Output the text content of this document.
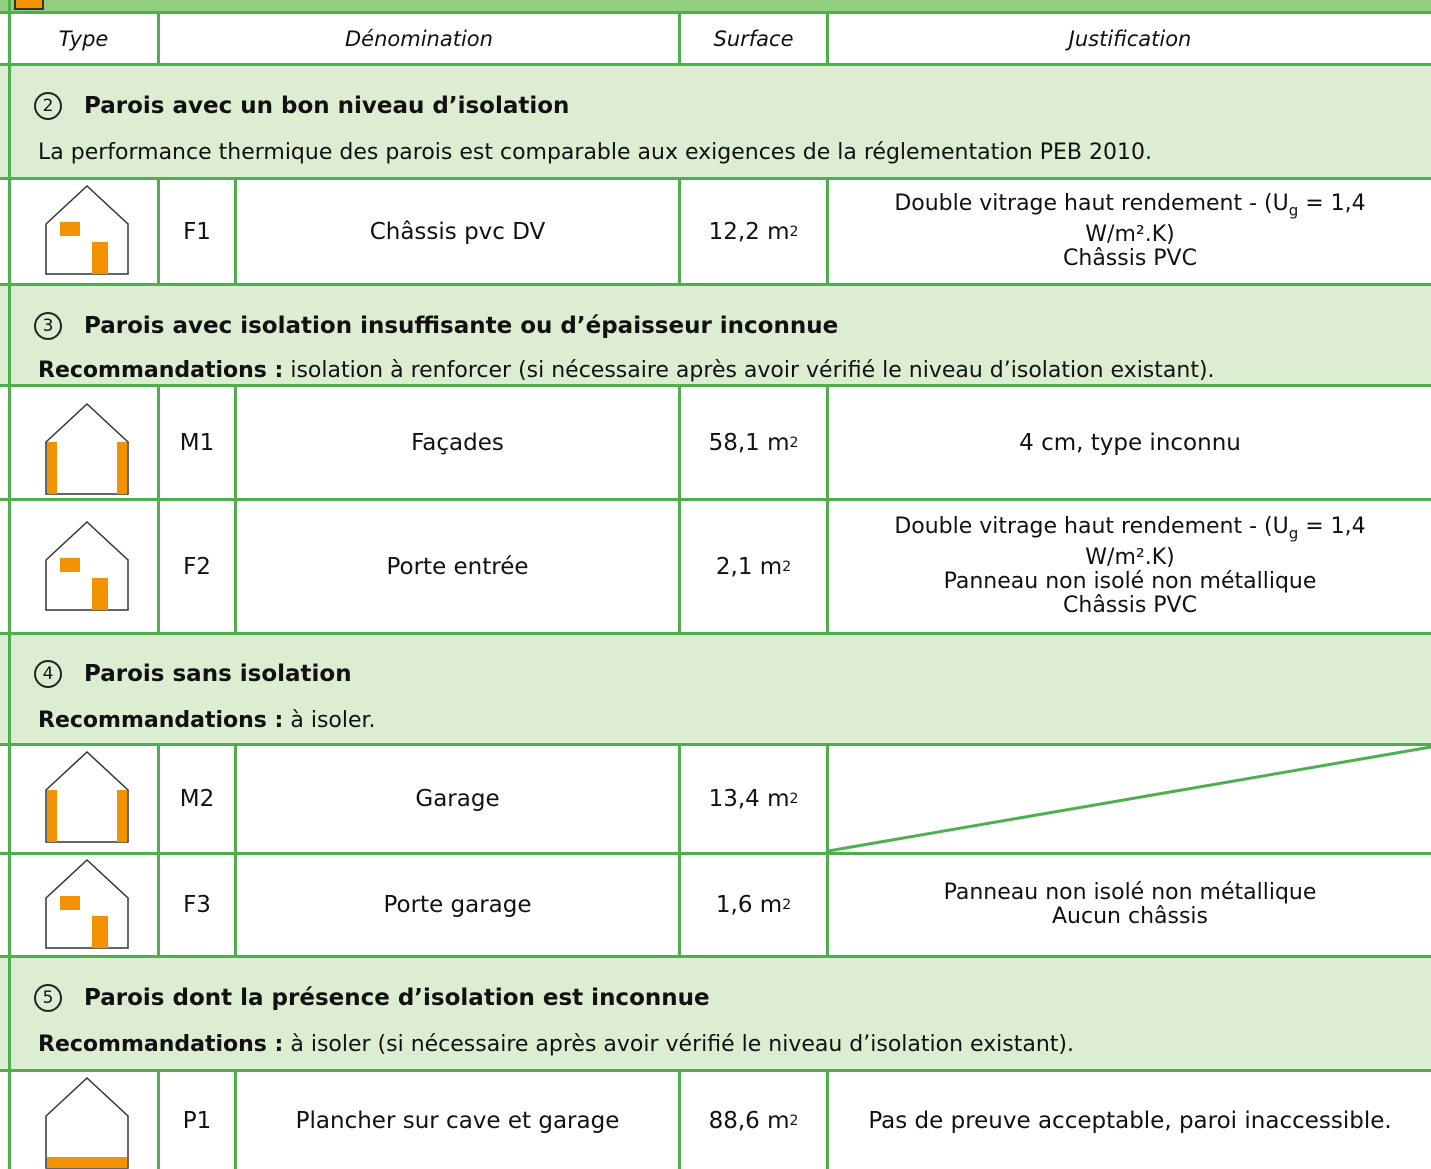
Type	Dénomination	Surface	Justification
2	Parois avec un bon niveau d’isolation
La performance thermique des parois est comparable aux exigences de la réglementation PEB 2010.
F1	Châssis pvc DV	12,2 m 2
Double vitrage haut rendement - ($U_g = 1,4$
W/m².K)
Châssis PVC
3	Parois avec isolation insuffisante ou d’épaisseur inconnue
Recommandations : isolation à renforcer (si nécessaire après avoir vérifié le niveau d’isolation existant).
M1	Façades	58,1 m 2	4 cm, type inconnu
F2	Porte entrée	2,1 m 2
Double vitrage haut rendement - ($U_g = 1,4$
W/m².K)
Panneau non isolé non métallique
Châssis PVC
4	Parois sans isolation
Recommandations : à isoler.
M2	Garage	13,4 m 2
F3	Porte garage	1,6 m 2	Panneau non isolé non métallique
Aucun châssis
5	Parois dont la présence d’isolation est inconnue
Recommandations : à isoler (si nécessaire après avoir vérifié le niveau d’isolation existant).
P1	Plancher sur cave et garage	88,6 m 2	Pas de preuve acceptable, paroi inaccessible.
